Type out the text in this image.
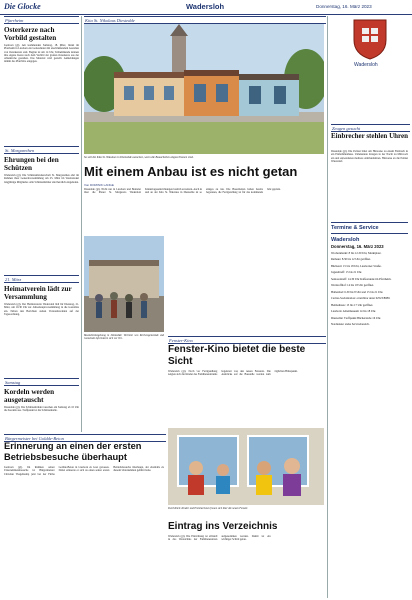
Die Glocke	Wadersloh	Donnerstag, 16. März 2023
Pfarrheim
Osterkerze nach Vorbild gestalten
Liesborn (gl). Am kommenden Samstag, 18. März, findet im Pfarrheim in Liesborn ein Gottesdienst mit anschließendem Gestalten von Osterkerzen statt. Beginn ist um 14 Uhr. Teilnehmende können ihre eigene Kerze nach dem Vorbild der großen Osterkerze aus der Abteikirche gestalten. Das Material wird gestellt. Anmeldungen nimmt das Pfarrbüro entgegen.
St. Margarethen
Ehrungen bei den Schützen
Wadersloh (gl). Die Schützenbruderschaft St. Margarethen ehrt im Rahmen ihrer Generalversammlung am 25. März im Vereinslokal langjährige Mitglieder. Alle Schützenbrüder sind herzlich eingeladen.
21. März
Heimatverein lädt zur Versammlung
Wadersloh (gl). Der Heimatverein Wadersloh lädt für Dienstag, 21. März, um 19.30 Uhr zur Jahreshauptversammlung in die Gaststätte ein. Neben den Berichten stehen Vorstandswahlen auf der Tagesordnung.
Samstag
Kordeln werden ausgetauscht
Diestedde (gl). Die Schützenbrüder tauschen am Samstag ab 10 Uhr die Kordeln aus. Treffpunkt ist die Schützenhalle.
Kita St. Nikolaus Diestedde
So soll die Kita St. Nikolaus in Diestedde aussehen, wenn die Bauarbeiten abgeschlossen sind.
Mit einem Anbau ist es nicht getan
Von DOMINIK LANGE
Diestedde (gl). Nicht nur in Liesborn und Benteler lässt die Planer St. Margareta Wadersloh Kindertageseinrichtungen baulich erweitern. Auch in und an der Kita St. Nikolaus in Diestedde ist so einiges zu tun. Die Bauarbeiten haben bereits begonnen, die Fertigstellung ist für das kommende Jahr geplant.
Baustellenbegehung in Diestedde: Vertreter von Kirchengemeinde und Gemeinde informieren sich vor Ort.	Fenster-Kino
Fenster-Kino bietet die beste Sicht
Wadersloh (gl). Noch vor Fertigstellung zeigten sich die Kinder des Familienzentrums begeistert von den neuen Fenstern. Die Ausblicke auf die Baustelle werden zum täglichen Höhepunkt.
Durchblick: Kinder und Erzieherinnen freuen sich über die neuen Fenster.
Eintrag ins Verzeichnis
Wadersloh (gl). Die Einrichtung ist offiziell in das Verzeichnis der Familienzentren aufgenommen worden. Damit ist ein wichtiger Schritt getan.
Bürgermeister bei Goldde-Beton
Erinnerung an einen der ersten Betriebsbesuche überhaupt
Liesborn (gl). Im Rahmen seiner Unternehmensbesuche ist Bürgermeister Christian Thegelkamp jetzt bei der Firma Goldde-Beton in Liesborn zu Gast gewesen. Dabei erinnerte er sich an einen seiner ersten Betriebsbesuche überhaupt, der ebenfalls zu diesem Unternehmen geführt hatte.
Wadersloh
Zeugen gesucht
Einbrecher stehlen Uhren
Diestedde (gl). Die Polizei bittet um Hinweise zu einem Einbruch in ein Einfamilienhaus. Unbekannte drangen in der Nacht zu Mittwoch ein und entwendeten mehrere Armbanduhren. Hinweise an die Polizei Warendorf.
Termine & Service
Wadersloh
Donnerstag, 16. März 2023
Wochenmarkt: 8 bis 12.30 Uhr, Marktplatz.
Rathaus: 8.30 bis 12 Uhr geöffnet.
Bücherei: 15 bis 18 Uhr, Liesborner Straße.
Jugendtreff: 15 bis 21 Uhr.
Seniorentreff: 14.30 Uhr Kaffeerunde im Pfarrheim.
Wertstoffhof: 14 bis 18 Uhr geöffnet.
Hallenbad: 6.30 bis 8 Uhr und 15 bis 21 Uhr.
Caritas-Sozialstation: erreichbar unter 02523/8080.
Heimathaus: 15 bis 17 Uhr geöffnet.
Liesborn: Abteimuseum 14 bis 18 Uhr.
Diestedde: Treffpunkt Bücherstube 16 Uhr.
Notdienste: siehe Servicebereich.
